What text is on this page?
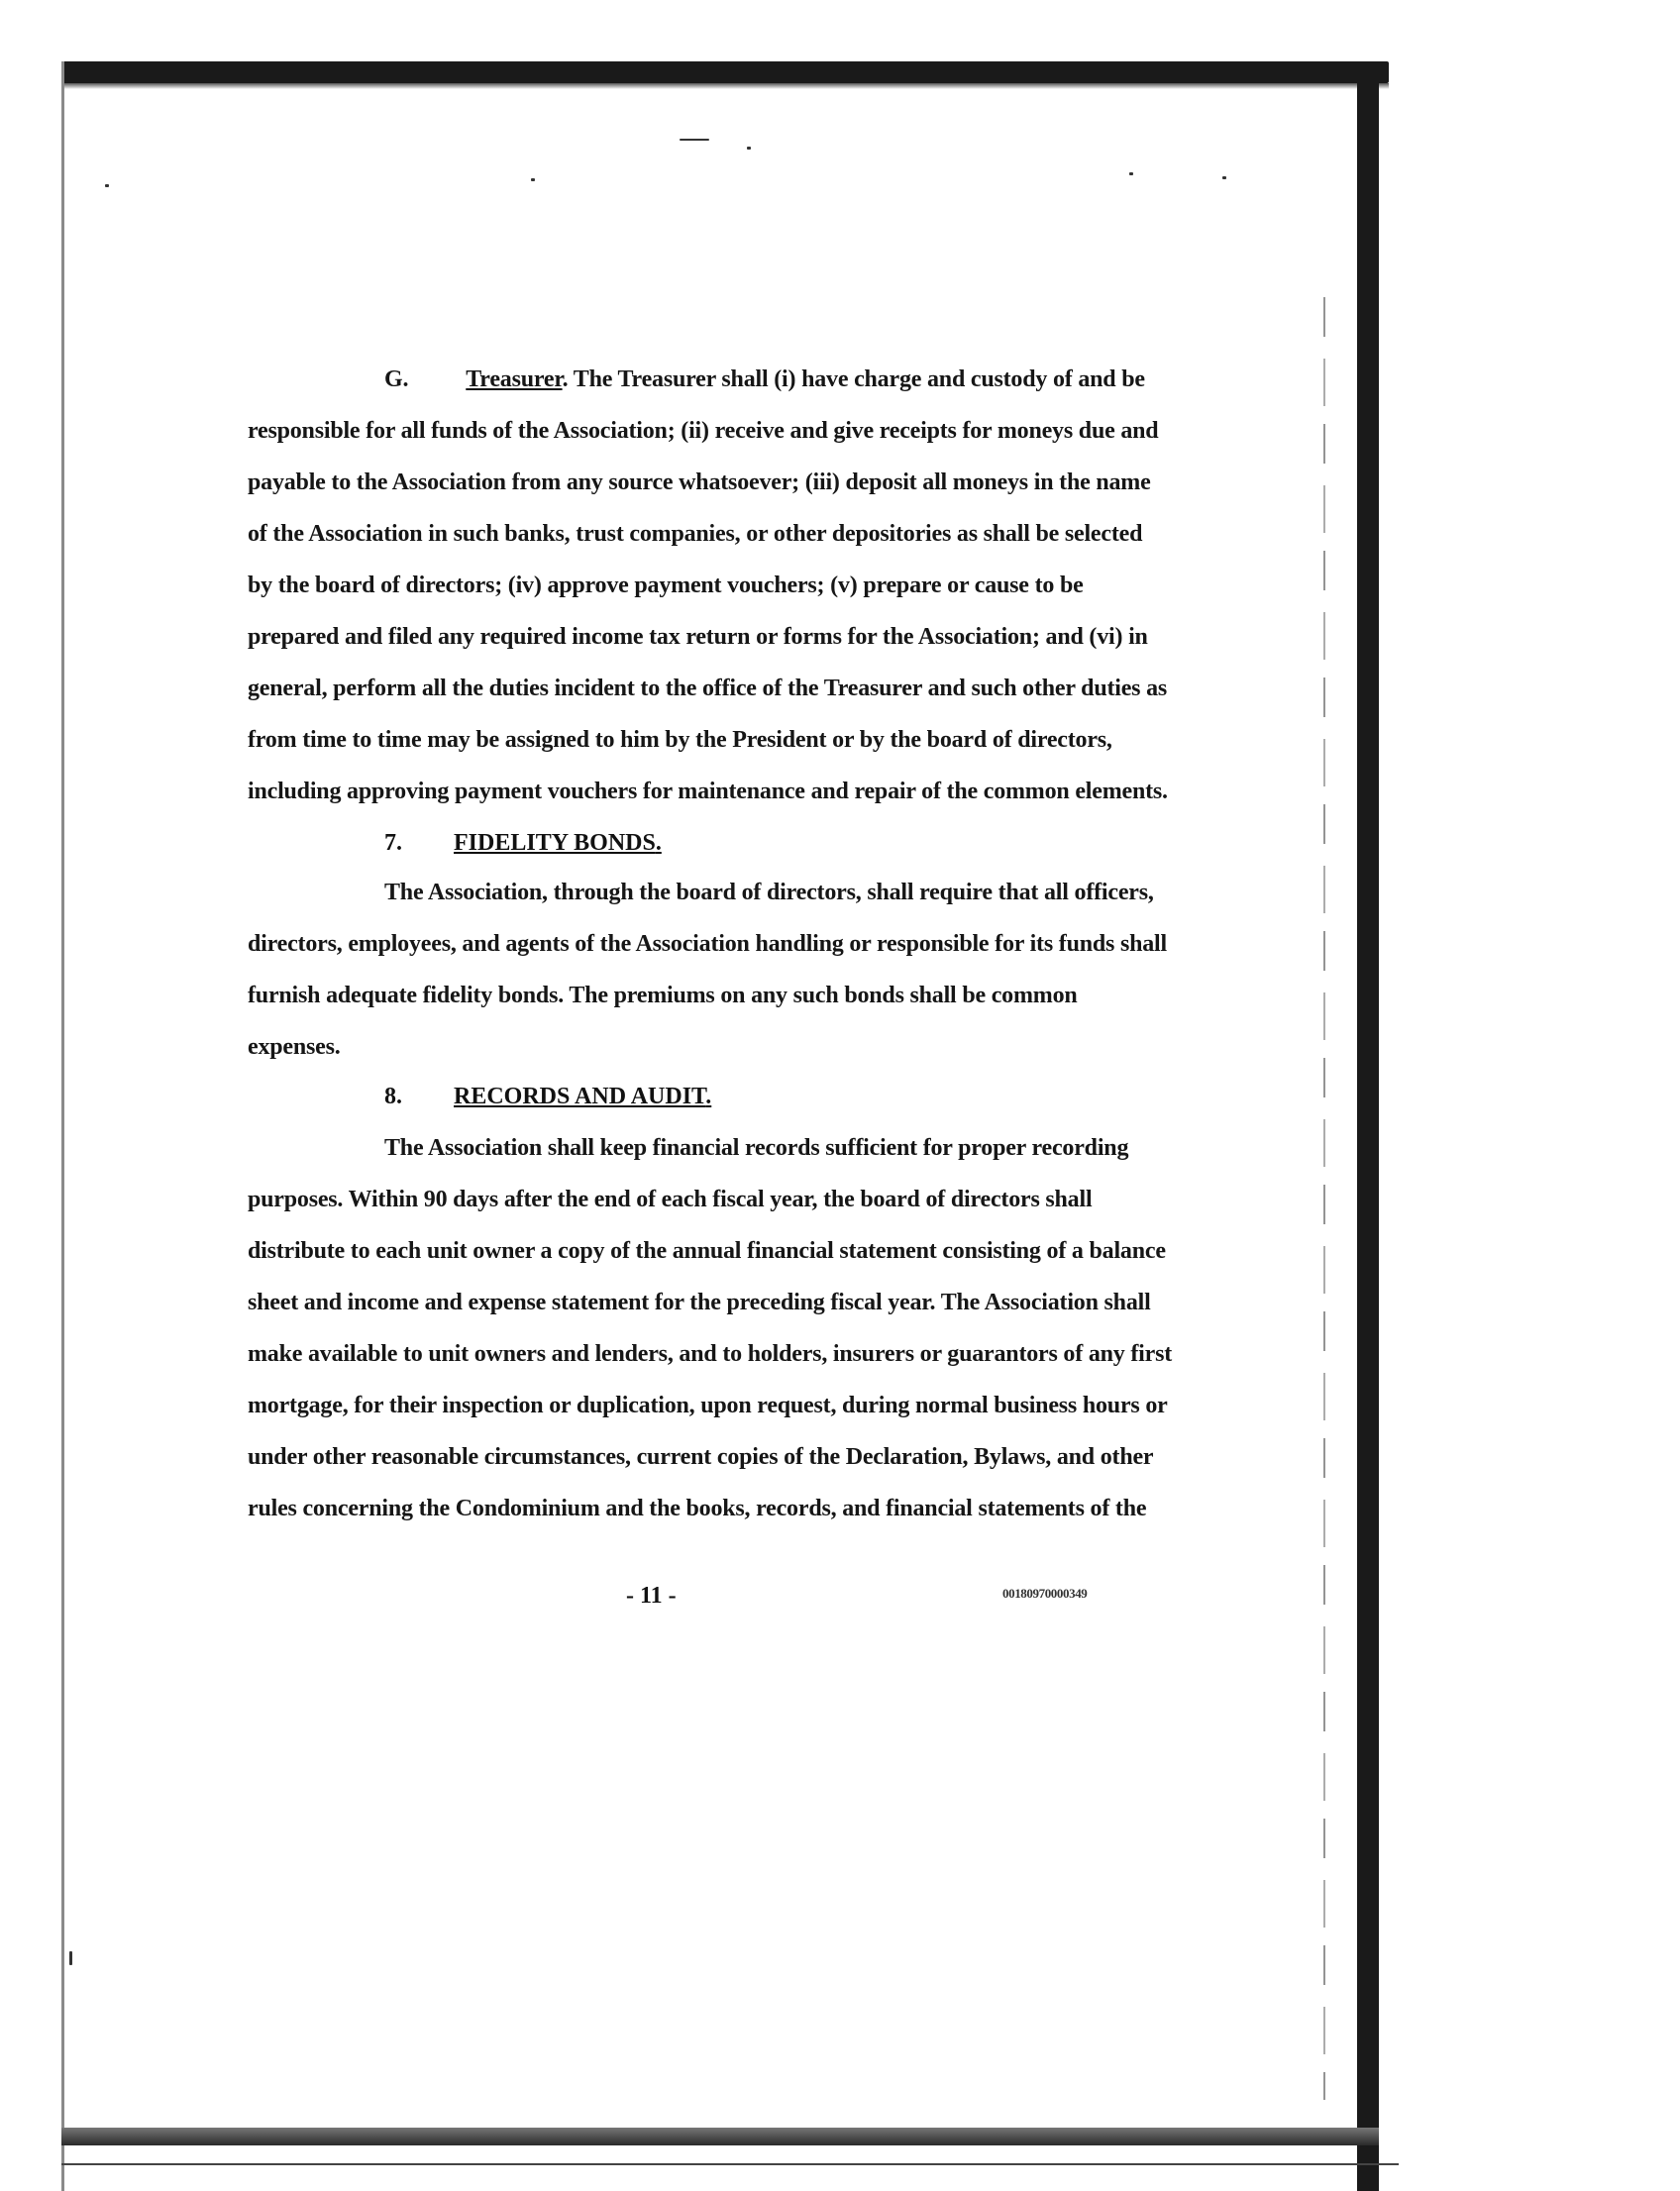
G. Treasurer. The Treasurer shall (i) have charge and custody of and be
responsible for all funds of the Association; (ii) receive and give receipts for moneys due and
payable to the Association from any source whatsoever; (iii) deposit all moneys in the name
of the Association in such banks, trust companies, or other depositories as shall be selected
by the board of directors; (iv) approve payment vouchers; (v) prepare or cause to be
prepared and filed any required income tax return or forms for the Association; and (vi) in
general, perform all the duties incident to the office of the Treasurer and such other duties as
from time to time may be assigned to him by the President or by the board of directors,
including approving payment vouchers for maintenance and repair of the common elements.
7. FIDELITY BONDS.
The Association, through the board of directors, shall require that all officers,
directors, employees, and agents of the Association handling or responsible for its funds shall
furnish adequate fidelity bonds. The premiums on any such bonds shall be common
expenses.
8. RECORDS AND AUDIT.
The Association shall keep financial records sufficient for proper recording
purposes. Within 90 days after the end of each fiscal year, the board of directors shall
distribute to each unit owner a copy of the annual financial statement consisting of a balance
sheet and income and expense statement for the preceding fiscal year. The Association shall
make available to unit owners and lenders, and to holders, insurers or guarantors of any first
mortgage, for their inspection or duplication, upon request, during normal business hours or
under other reasonable circumstances, current copies of the Declaration, Bylaws, and other
rules concerning the Condominium and the books, records, and financial statements of the
- 11 -	00180970000349
